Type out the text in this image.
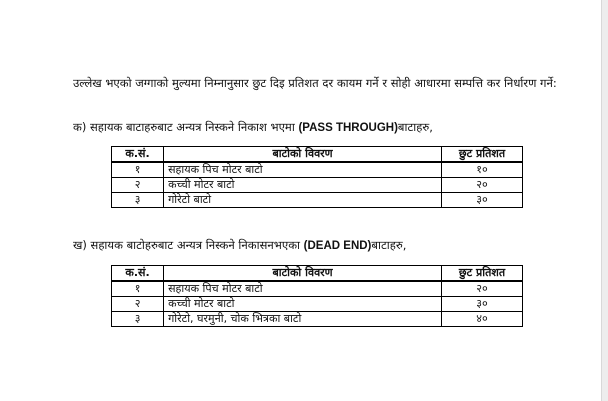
उल्लेख भएको जग्गाको मुल्यमा निम्नानुसार छुट दिइ प्रतिशत दर कायम गर्ने र सोही आधारमा सम्पत्ति कर निर्धारण गर्ने:
क) सहायक बाटाहरुबाट अन्यत्र निस्कने निकाश भएमा (PASS THROUGH)बाटाहरु,
क.सं.	बाटोको विवरण	छुट प्रतिशत
१	सहायक पिच मोटर बाटो	१०
२	कच्ची मोटर बाटो	२०
३	गोरेटो बाटो	३०
ख) सहायक बाटोहरुबाट अन्यत्र निस्कने निकासनभएका (DEAD END)बाटाहरु,
क.सं.	बाटोको विवरण	छुट प्रतिशत
१	सहायक पिच मोटर बाटो	२०
२	कच्ची मोटर बाटो	३०
३	गोरेटो, घरमुनी, चोक भित्रका बाटो	४०
